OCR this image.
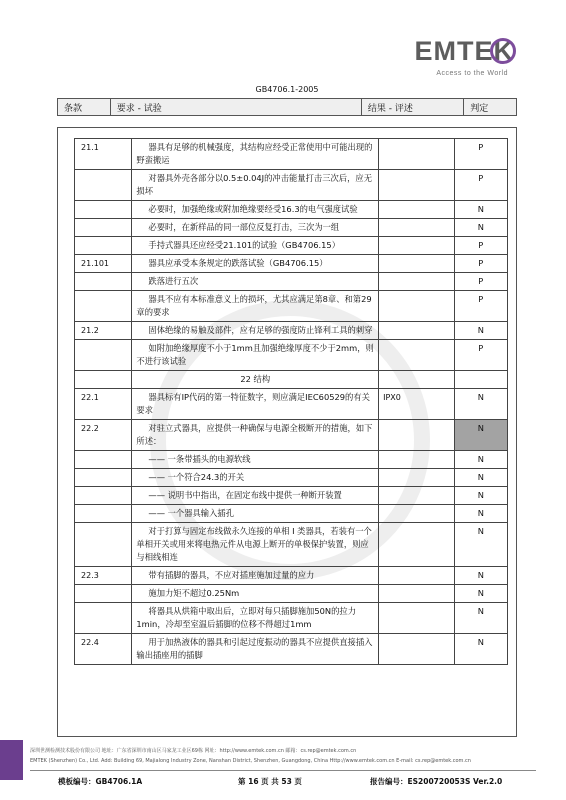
EMTEK
Access to the World
GB4706.1-2005
条款	要求 - 试验	结果 - 评述	判定
21.1	器具有足够的机械强度，其结构应经受正常使用中可能出现的野蛮搬运		P
	对器具外壳各部分以0.5±0.04J的冲击能量打击三次后，应无损坏		P
	必要时，加强绝缘或附加绝缘要经受16.3的电气强度试验		N
	必要时，在新样品的同一部位反复打击，三次为一组		N
	手持式器具还应经受21.101的试验（GB4706.15）		P
21.101	器具应承受本条规定的跌落试验（GB4706.15）		P
	跌落进行五次		P
	器具不应有本标准意义上的损坏，尤其应满足第8章、和第29章的要求		P
21.2	固体绝缘的易触及部件，应有足够的强度防止锋利工具的刺穿		N
	如附加绝缘厚度不小于1mm且加强绝缘厚度不少于2mm，则不进行该试验		P
	22 结构		
22.1	器具标有IP代码的第一特征数字，则应满足IEC60529的有关要求	IPX0	N
22.2	对驻立式器具，应提供一种确保与电源全极断开的措施，如下所述：		N
	—— 一条带插头的电源软线		N
	—— 一个符合24.3的开关		N
	—— 说明书中指出，在固定布线中提供一种断开装置		N
	—— 一个器具输入插孔		N
	对于打算与固定布线做永久连接的单相 I 类器具，若装有一个单相开关或用来将电热元件从电源上断开的单极保护装置，则应与相线相连		N
22.3	带有插脚的器具，不应对插座施加过量的应力		N
	施加力矩不超过0.25Nm		N
	将器具从烘箱中取出后，立即对每只插脚施加50N的拉力1min，冷却至室温后插脚的位移不得超过1mm		N
22.4	用于加热液体的器具和引起过度振动的器具不应提供直接插入输出插座用的插脚		N
深圳世测检测技术股份有限公司 地址：广东省深圳市南山区马家龙工业区69栋 网址：http://www.emtek.com.cn 邮箱：cs.rep@emtek.com.cn
EMTEK (Shenzhen) Co., Ltd. Add: Building 69, Majialong Industry Zone, Nanshan District, Shenzhen, Guangdong, China Http://www.emtek.com.cn E-mail: cs.rep@emtek.com.cn
模板编号：GB4706.1A	第 16 页 共 53 页	报告编号：ES200720053S Ver.2.0
